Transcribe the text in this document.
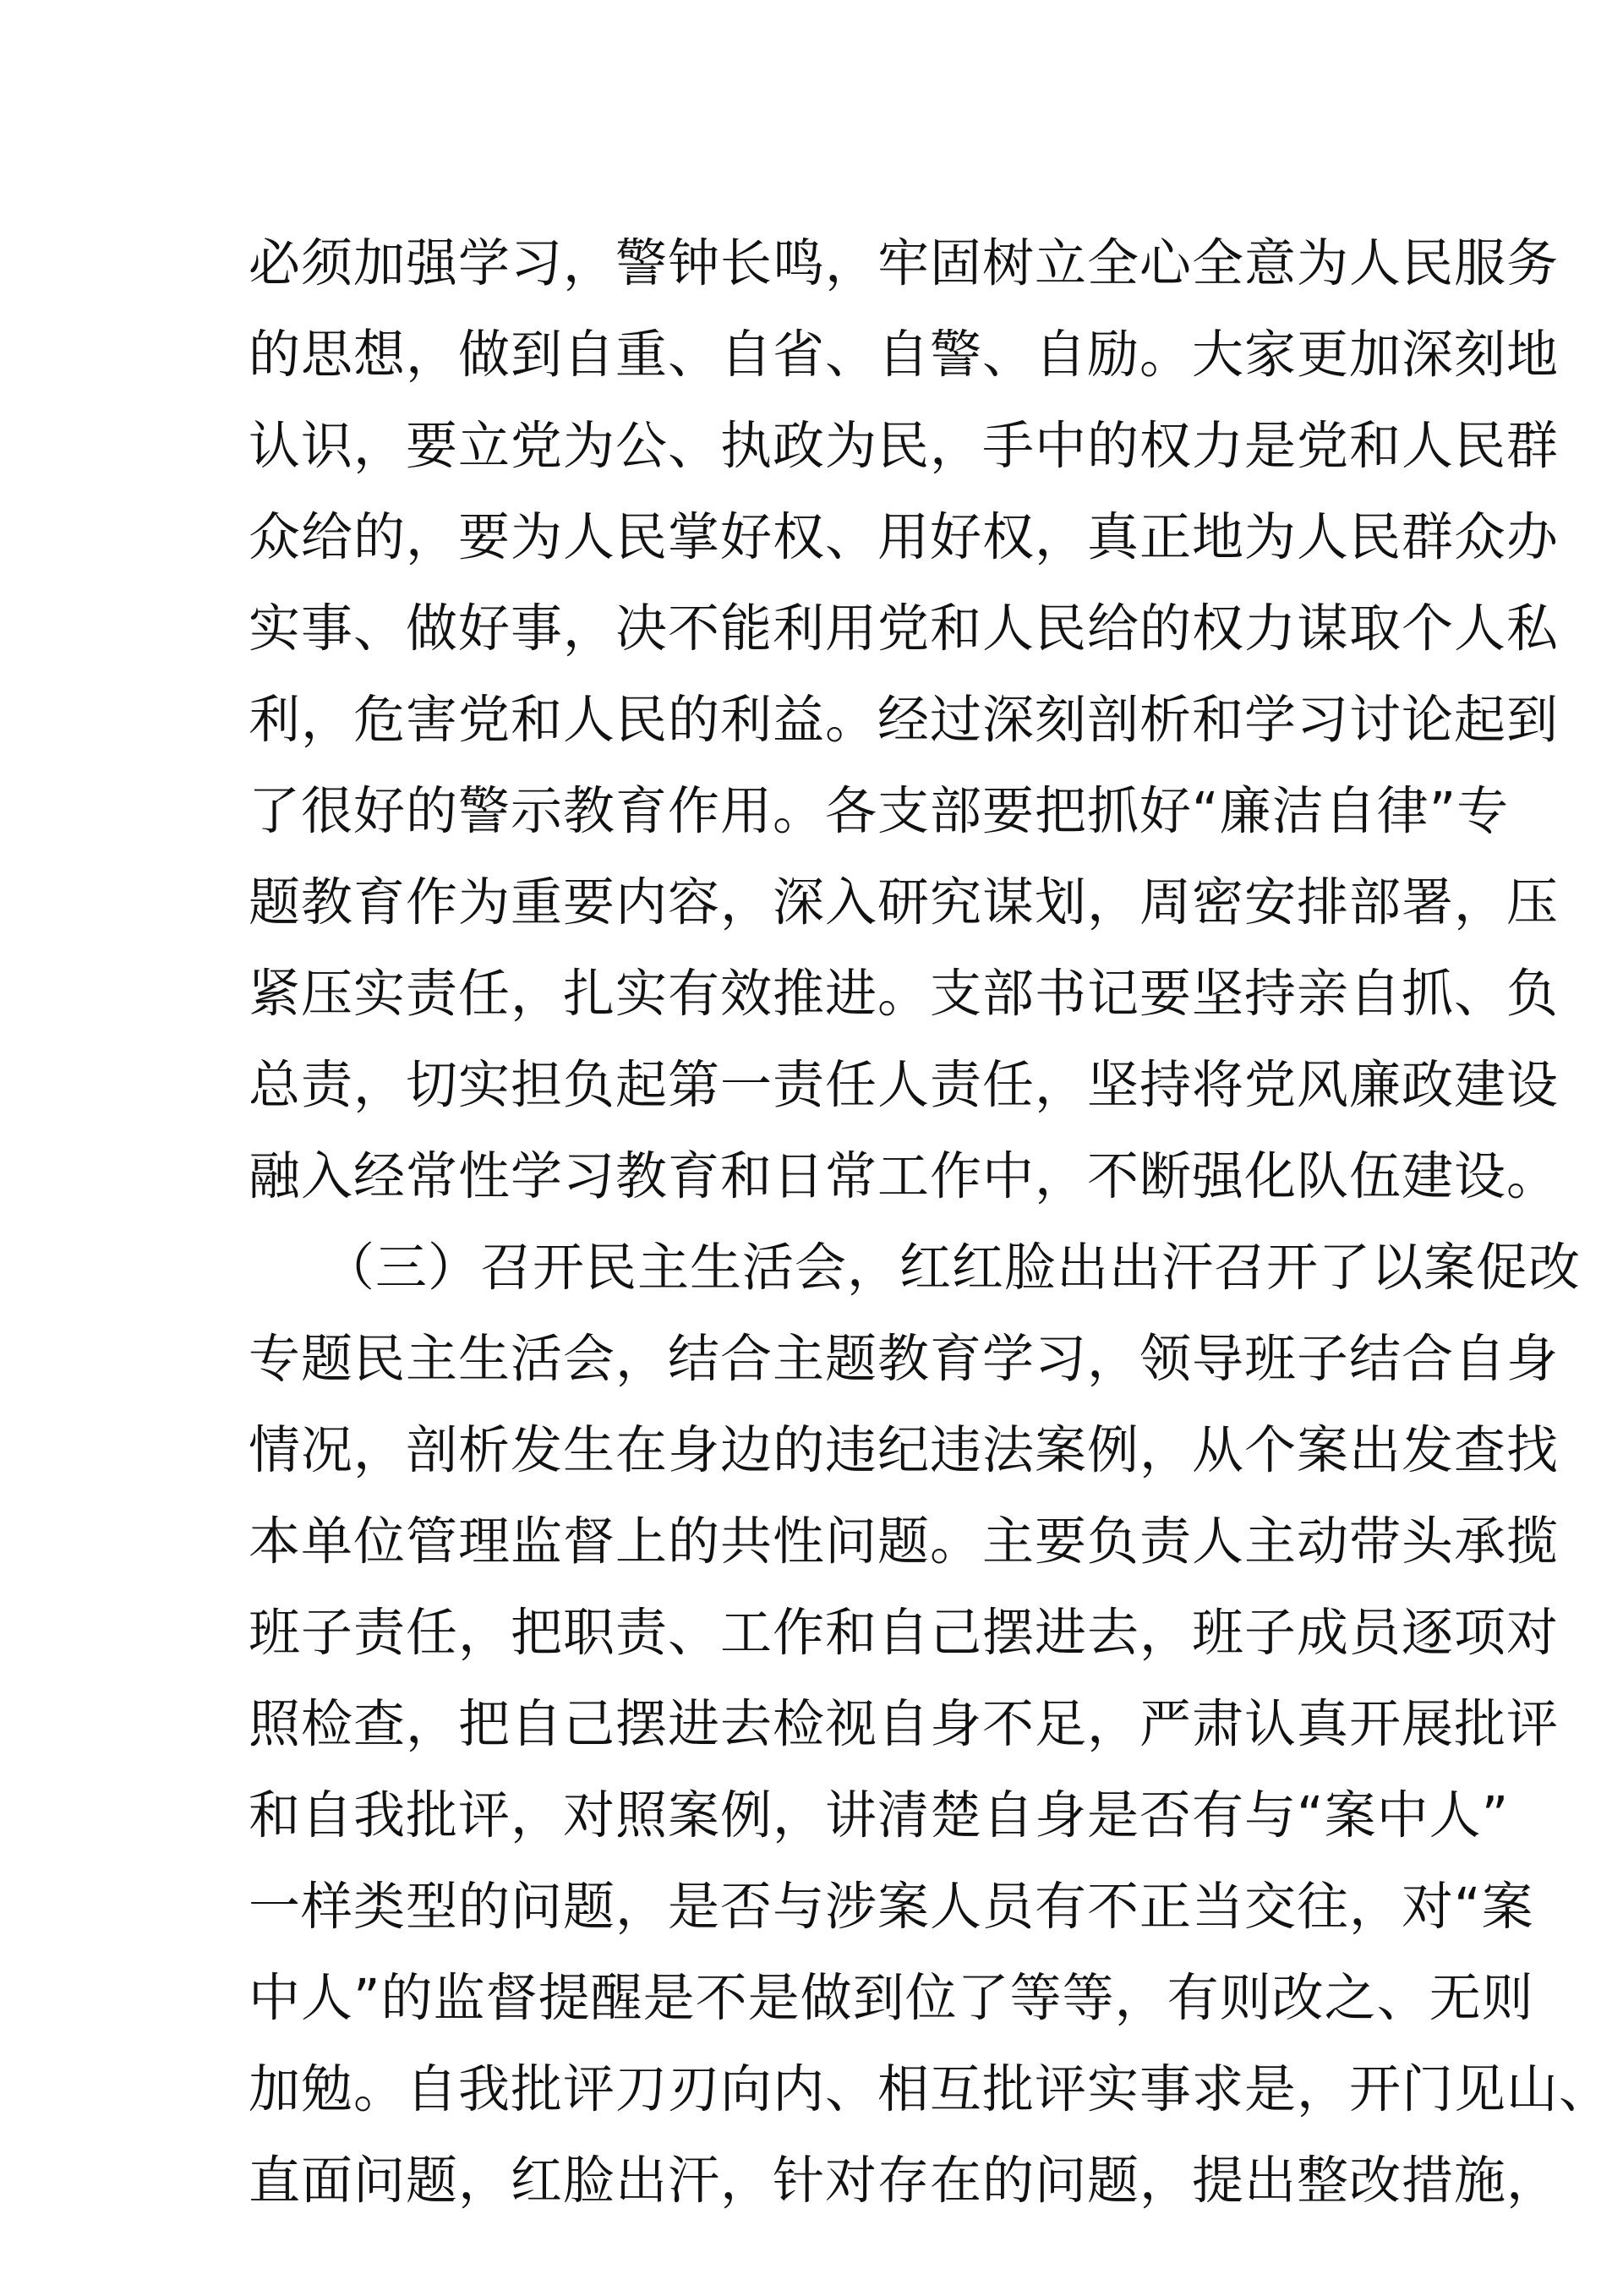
必须加强学习，警钟长鸣，牢固树立全心全意为人民服务
的思想，做到自重、自省、自警、自励。大家更加深刻地
认识，要立党为公、执政为民，手中的权力是党和人民群
众给的，要为人民掌好权、用好权，真正地为人民群众办
实事、做好事，决不能利用党和人民给的权力谋取个人私
利，危害党和人民的利益。经过深刻剖析和学习讨论起到
了很好的警示教育作用。各支部要把抓好“廉洁自律”专
题教育作为重要内容，深入研究谋划，周密安排部署，压
紧压实责任，扎实有效推进。支部书记要坚持亲自抓、负
总责，切实担负起第一责任人责任，坚持将党风廉政建设
融入经常性学习教育和日常工作中，不断强化队伍建设。
（三）召开民主生活会，红红脸出出汗召开了以案促改
专题民主生活会，结合主题教育学习，领导班子结合自身
情况，剖析发生在身边的违纪违法案例，从个案出发查找
本单位管理监督上的共性问题。主要负责人主动带头承揽
班子责任，把职责、工作和自己摆进去，班子成员逐项对
照检查，把自己摆进去检视自身不足，严肃认真开展批评
和自我批评，对照案例，讲清楚自身是否有与“案中人”
一样类型的问题，是否与涉案人员有不正当交往，对“案
中人”的监督提醒是不是做到位了等等，有则改之、无则
加勉。自我批评刀刃向内、相互批评实事求是，开门见山、
直面问题，红脸出汗，针对存在的问题，提出整改措施，
